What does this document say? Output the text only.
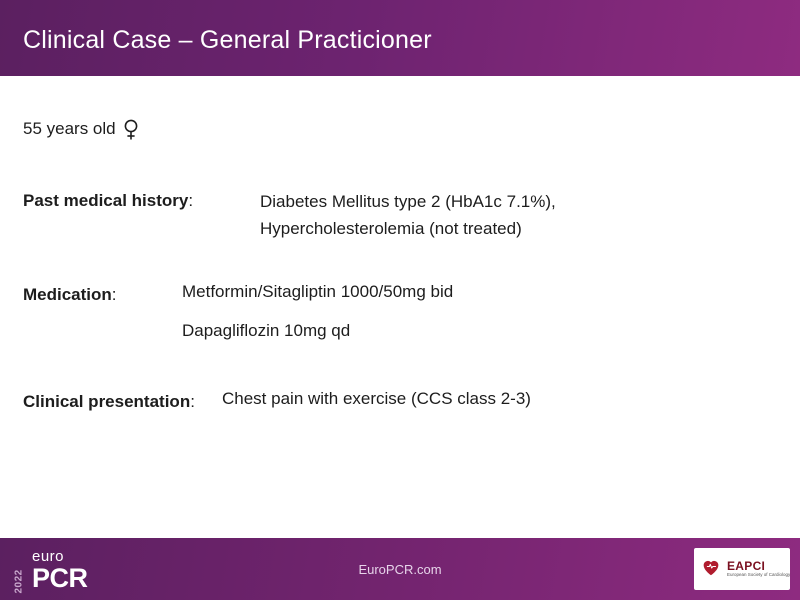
Clinical Case – General Practicioner
55 years old
Past medical history:	Diabetes Mellitus type 2 (HbA1c 7.1%),
Hypercholesterolemia (not treated)
Medication:	Metformin/Sitagliptin 1000/50mg bid
Dapagliflozin 10mg qd
Clinical presentation: Chest pain with exercise (CCS class 2-3)
2022
euro
PCR	EuroPCR.com	EAPCI
European Society of Cardiology
